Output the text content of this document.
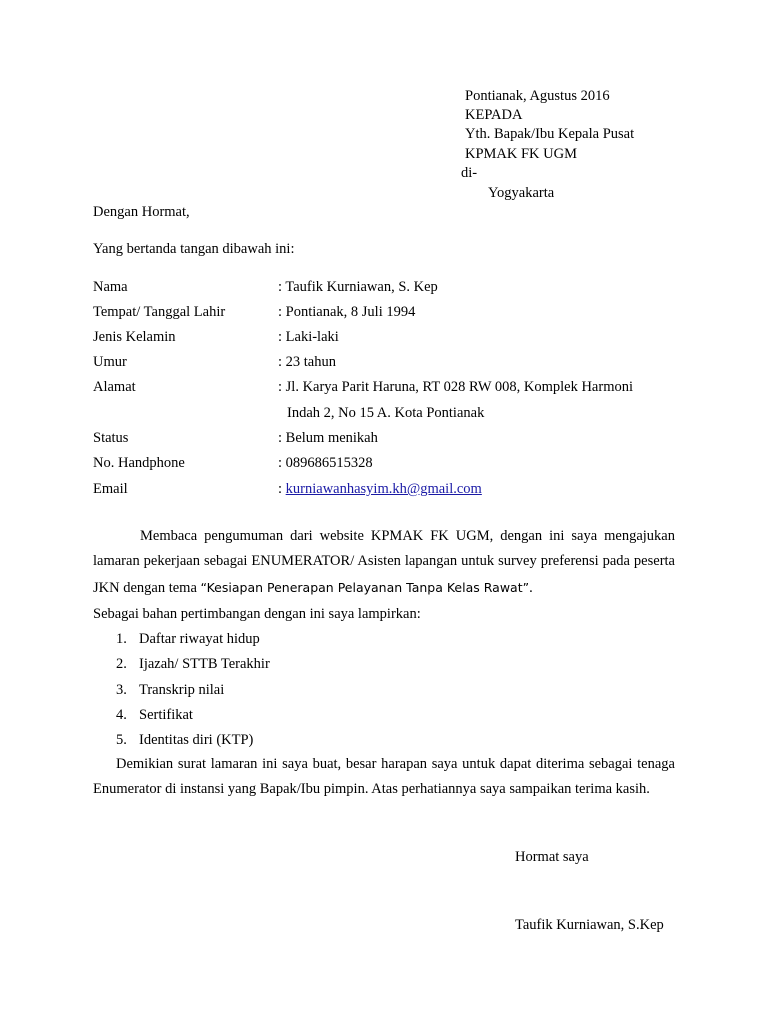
Pontianak, Agustus 2016
KEPADA
Yth. Bapak/Ibu Kepala Pusat
KPMAK FK UGM
di-
Yogyakarta
Dengan Hormat,
Yang bertanda tangan dibawah ini:
Nama	: Taufik Kurniawan, S. Kep
Tempat/ Tanggal Lahir	: Pontianak, 8 Juli 1994
Jenis Kelamin	: Laki-laki
Umur	: 23 tahun
Alamat	: Jl. Karya Parit Haruna, RT 028 RW 008, Komplek Harmoni
Indah 2, No 15 A. Kota Pontianak
Status	: Belum menikah
No. Handphone	: 089686515328
Email	: kurniawanhasyim.kh@gmail.com

Membaca pengumuman dari website KPMAK FK UGM, dengan ini saya mengajukan lamaran pekerjaan sebagai ENUMERATOR/ Asisten lapangan untuk survey preferensi pada peserta JKN dengan tema “Kesiapan Penerapan Pelayanan Tanpa Kelas Rawat”.

Sebagai bahan pertimbangan dengan ini saya lampirkan:
1. Daftar riwayat hidup
2. Ijazah/ STTB Terakhir
3. Transkrip nilai
4. Sertifikat
5. Identitas diri (KTP)

Demikian surat lamaran ini saya buat, besar harapan saya untuk dapat diterima sebagai tenaga Enumerator di instansi yang Bapak/Ibu pimpin. Atas perhatiannya saya sampaikan terima kasih.

Hormat saya
Taufik Kurniawan, S.Kep
